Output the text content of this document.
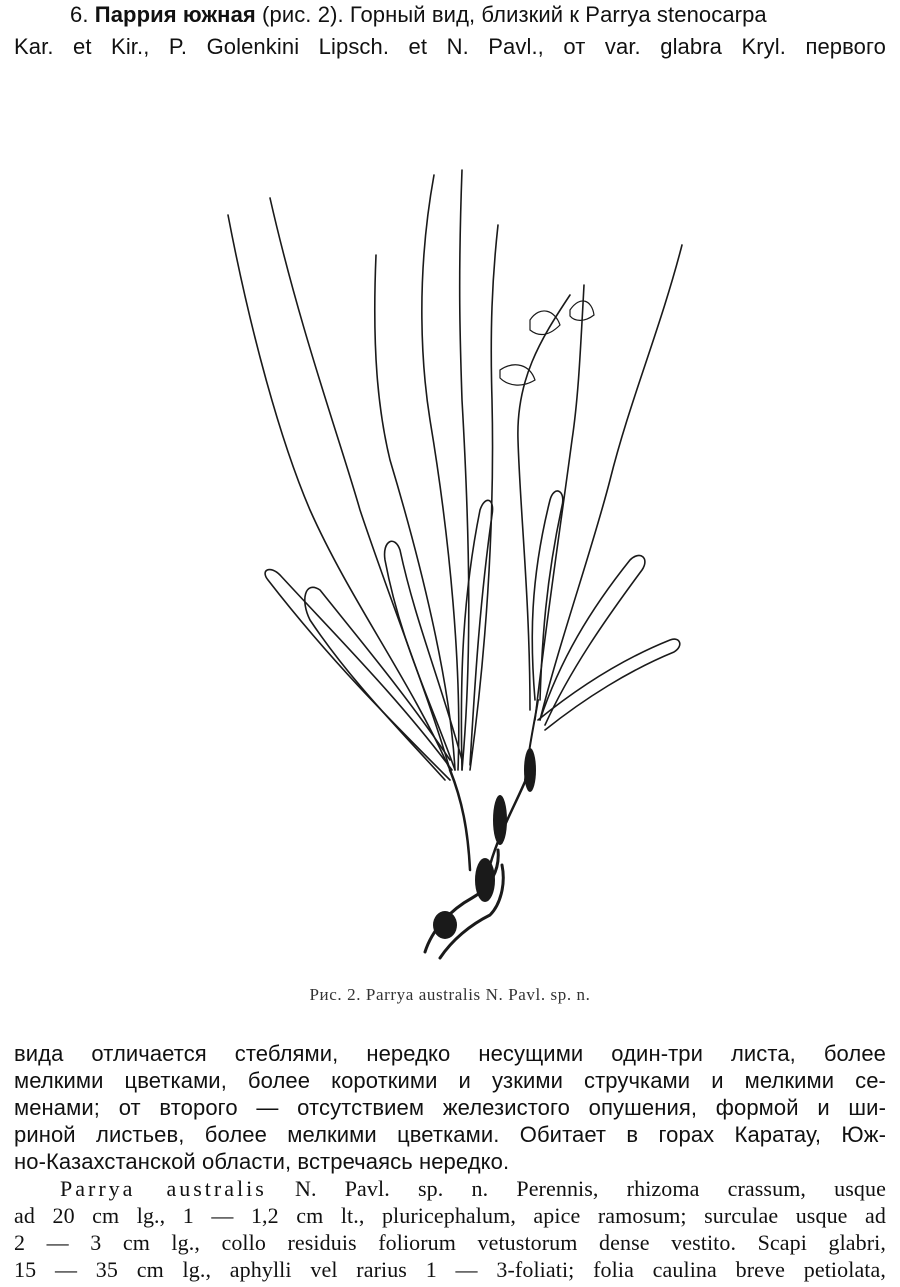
6. Паррия южная (рис. 2). Горный вид, близкий к Parrya stenocarpa
Kar. et Kir., P. Golenkini Lipsch. et N. Pavl., от var. glabra Kryl. первого
Рис. 2. Parrya australis N. Pavl. sp. n.
вида отличается стеблями, нередко несущими один-три листа, более
мелкими цветками, более короткими и узкими стручками и мелкими се-
менами; от второго — отсутствием железистого опушения, формой и ши-
риной листьев, более мелкими цветками. Обитает в горах Каратау, Юж-
но-Казахстанской области, встречаясь нередко.
Parrya australis N. Pavl. sp. n. Perennis, rhizoma crassum, usque
ad 20 cm lg., 1 — 1,2 cm lt., pluricephalum, apice ramosum; surculae usque ad
2 — 3 cm lg., collo residuis foliorum vetustorum dense vestito. Scapi glabri,
15 — 35 cm lg., aphylli vel rarius 1 — 3-foliati; folia caulina breve petiolata,
